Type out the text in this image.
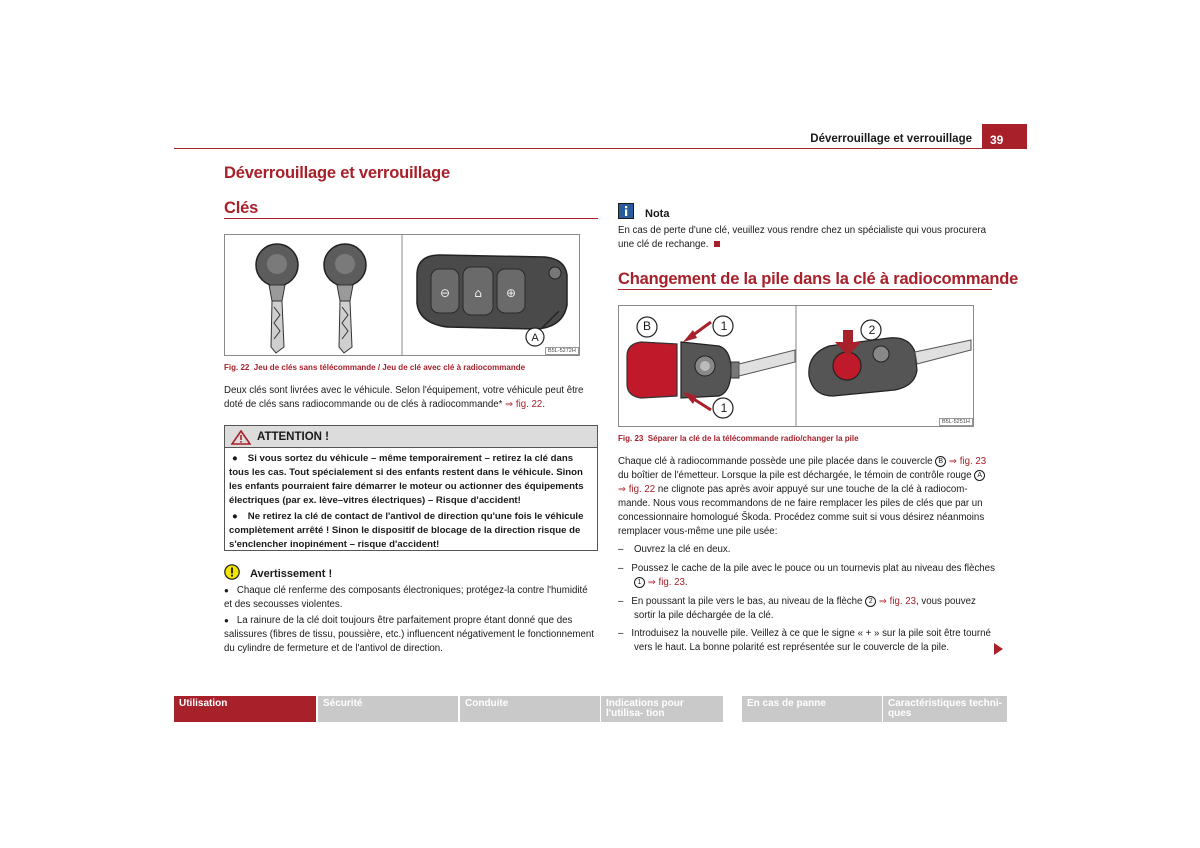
Déverrouillage et verrouillage	39
Déverrouillage et verrouillage
Clés
⊖ ⌂ ⊕
A
B5L-5272H
Fig. 22 Jeu de clés sans télécommande / Jeu de clé avec clé à radiocommande
Deux clés sont livrées avec le véhicule. Selon l'équipement, votre véhicule peut être doté de clés sans radiocommande ou de clés à radiocommande* ⇒ fig. 22.
ATTENTION !
● Si vous sortez du véhicule – même temporairement – retirez la clé dans tous les cas. Tout spécialement si des enfants restent dans le véhicule. Sinon les enfants pourraient faire démarrer le moteur ou actionner des équipements électriques (par ex. lève–vitres électriques) – Risque d'accident!
● Ne retirez la clé de contact de l'antivol de direction qu'une fois le véhicule complètement arrêté ! Sinon le dispositif de blocage de la direction risque de s'enclencher inopinément – risque d'accident!
Avertissement !
● Chaque clé renferme des composants électroniques; protégez-la contre l'humidité et des secousses violentes.
● La rainure de la clé doit toujours être parfaitement propre étant donné que des salissures (fibres de tissu, poussière, etc.) influencent négativement le fonctionnement du cylindre de fermeture et de l'antivol de direction.
Nota
En cas de perte d'une clé, veuillez vous rendre chez un spécialiste qui vous procurera une clé de rechange.
Changement de la pile dans la clé à radiocommande
B	1
1
2
B5L-5251H
Fig. 23 Séparer la clé de la télécommande radio/changer la pile
Chaque clé à radiocommande possède une pile placée dans le couvercle B ⇒ fig. 23
du boîtier de l'émetteur. Lorsque la pile est déchargée, le témoin de contrôle rouge A
⇒ fig. 22 ne clignote pas après avoir appuyé sur une touche de la clé à radiocom-
mande. Nous vous recommandons de ne faire remplacer les piles de clés que par un
concessionnaire homologué Škoda. Procédez comme suit si vous désirez néanmoins
remplacer vous-même une pile usée:
– Ouvrez la clé en deux.
– Poussez le cache de la pile avec le pouce ou un tournevis plat au niveau des flèches
1 ⇒ fig. 23.
– En poussant la pile vers le bas, au niveau de la flèche 2 ⇒ fig. 23, vous pouvez
sortir la pile déchargée de la clé.
– Introduisez la nouvelle pile. Veillez à ce que le signe « + » sur la pile soit être tourné
vers le haut. La bonne polarité est représentée sur le couvercle de la pile.
Utilisation	Sécurité	Conduite	Indications pour l'utilisa- tion
En cas de panne	Caractéristiques techni- ques
